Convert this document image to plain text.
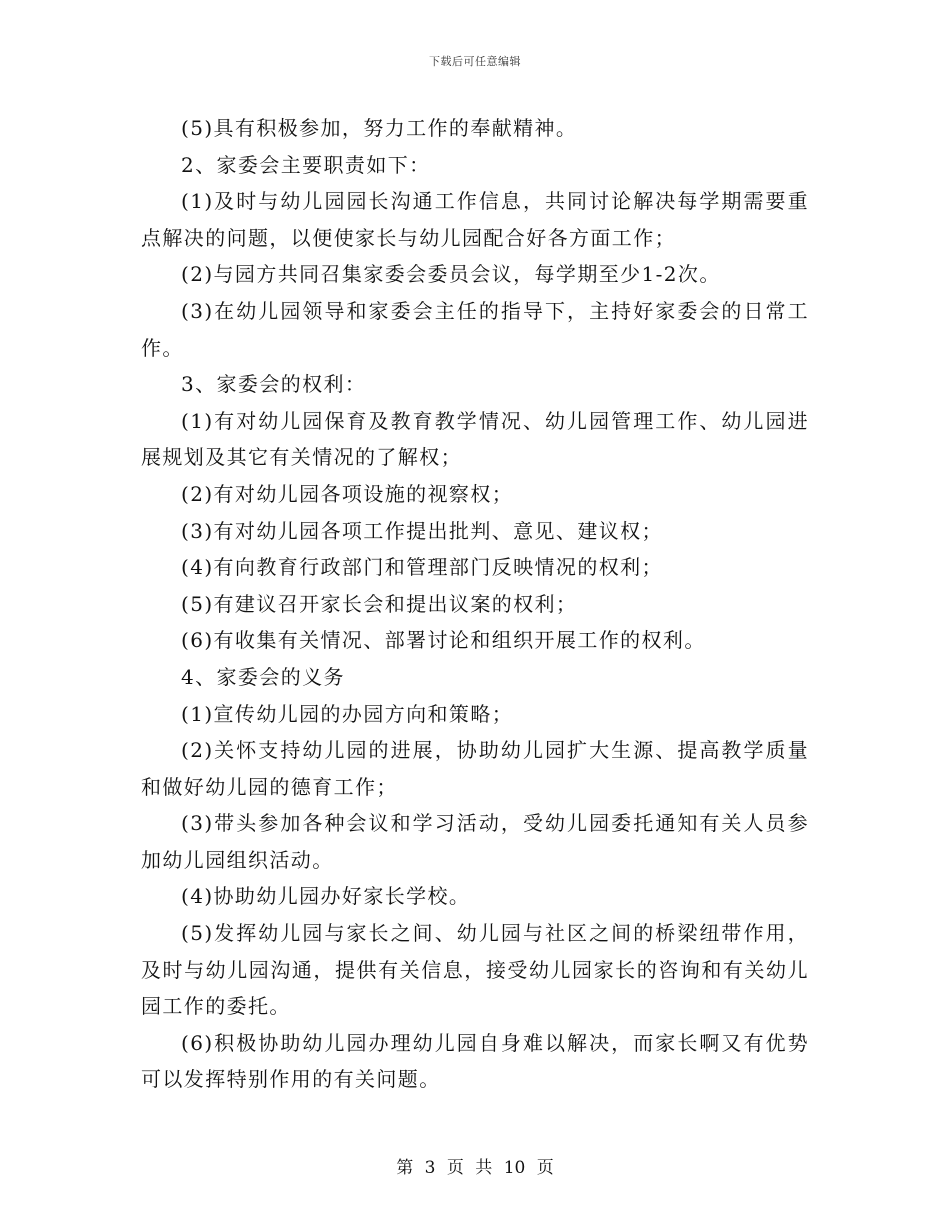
下载后可任意编辑

(5)具有积极参加，努力工作的奉献精神。

2、家委会主要职责如下：

(1)及时与幼儿园园长沟通工作信息，共同讨论解决每学期需要重点解决的问题，以便使家长与幼儿园配合好各方面工作；

(2)与园方共同召集家委会委员会议，每学期至少1-2次。

(3)在幼儿园领导和家委会主任的指导下，主持好家委会的日常工作。

3、家委会的权利：

(1)有对幼儿园保育及教育教学情况、幼儿园管理工作、幼儿园进展规划及其它有关情况的了解权；

(2)有对幼儿园各项设施的视察权；

(3)有对幼儿园各项工作提出批判、意见、建议权；

(4)有向教育行政部门和管理部门反映情况的权利；

(5)有建议召开家长会和提出议案的权利；

(6)有收集有关情况、部署讨论和组织开展工作的权利。

4、家委会的义务

(1)宣传幼儿园的办园方向和策略；

(2)关怀支持幼儿园的进展，协助幼儿园扩大生源、提高教学质量和做好幼儿园的德育工作；

(3)带头参加各种会议和学习活动，受幼儿园委托通知有关人员参加幼儿园组织活动。

(4)协助幼儿园办好家长学校。

(5)发挥幼儿园与家长之间、幼儿园与社区之间的桥梁纽带作用，及时与幼儿园沟通，提供有关信息，接受幼儿园家长的咨询和有关幼儿园工作的委托。

(6)积极协助幼儿园办理幼儿园自身难以解决，而家长啊又有优势可以发挥特别作用的有关问题。

第 3 页 共 10 页
